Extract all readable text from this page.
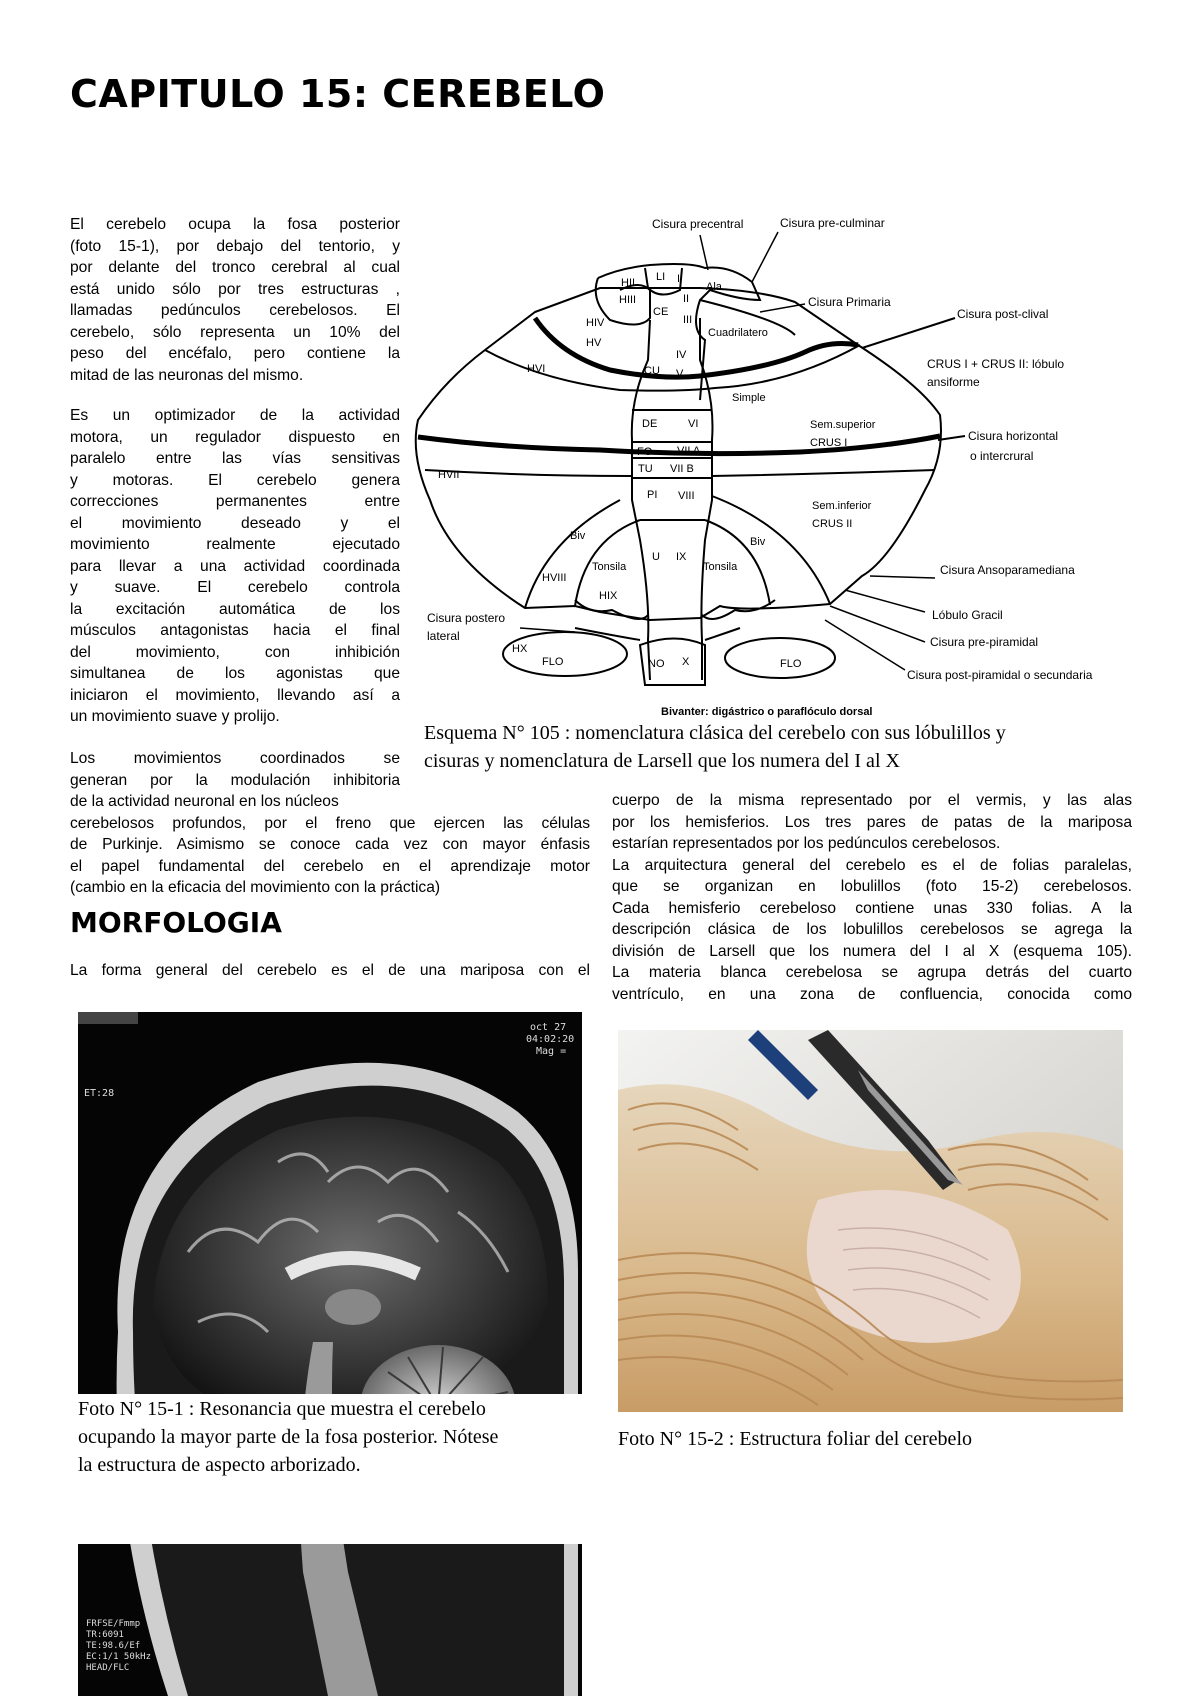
CAPITULO 15: CEREBELO
El cerebelo ocupa la fosa posterior
(foto 15-1), por debajo del tentorio, y
por delante del tronco cerebral al cual
está unido sólo por tres estructuras ,
llamadas pedúnculos cerebelosos. El
cerebelo, sólo representa un 10% del
peso del encéfalo, pero contiene la
mitad de las neuronas del mismo.
Es un optimizador de la actividad
motora, un regulador dispuesto en
paralelo entre las vías sensitivas
y motoras. El cerebelo genera
correcciones permanentes entre
el movimiento deseado y el
movimiento realmente ejecutado
para llevar a una actividad coordinada
y suave. El cerebelo controla
la excitación automática de los
músculos antagonistas hacia el final
del movimiento, con inhibición
simultanea de los agonistas que
iniciaron el movimiento, llevando así a
un movimiento suave y prolijo.
Los movimientos coordinados se
generan por la modulación inhibitoria
de la actividad neuronal en los núcleos
cerebelosos profundos, por el freno que ejercen las células
de Purkinje. Asimismo se conoce cada vez con mayor énfasis
el papel fundamental del cerebelo en el aprendizaje motor
(cambio en la eficacia del movimiento con la práctica)
MORFOLOGIA
La forma general del cerebelo es el de una mariposa con el
cuerpo de la misma representado por el vermis, y las alas
por los hemisferios. Los tres pares de patas de la mariposa
estarían representados por los pedúnculos cerebelosos.
La arquitectura general del cerebelo es el de folias paralelas,
que se organizan en lobulillos (foto 15-2) cerebelosos.
Cada hemisferio cerebeloso contiene unas 330 folias. A la
descripción clásica de los lobulillos cerebelosos se agrega la
división de Larsell que los numera del I al X (esquema 105).
La materia blanca cerebelosa se agrupa detrás del cuarto
ventrículo, en una zona de confluencia, conocida como
Cisura precentral	Cisura pre-culminar
Cisura Primaria
Cisura post-clival
CRUS I + CRUS II: lóbulo
ansiforme
Cisura horizontal
o intercrural
Cisura Ansoparamediana
Lóbulo Gracil
Cisura pre-piramidal
Cisura post-piramidal o secundaria
Cisura postero
lateral
HII
HIII
LI I
Ala
CE
II
III
HIV
HV
Cuadrilatero
IV
CU V
HVI
Simple
DE	VI	Sem.superior
CRUS I
FO VII A
TU VII B
HVII
PI VIII
Sem.inferior
CRUS II
Biv	Biv
U IX
Tonsila	Tonsila
HVIII
HIX
HX
FLO	NO X	FLO
Bivanter: digástrico o paraflóculo dorsal
Esquema N° 105 : nomenclatura clásica del cerebelo con sus lóbulillos y
cisuras y nomenclatura de Larsell que los numera del I al X
oct 27
04:02:20
Mag =
ET:28
FRFSE/Fmmp
TR:6091
TE:98.6/Ef
EC:1/1 50kHz
HEAD/FLC
Foto N° 15-1 : Resonancia que muestra el cerebelo
ocupando la mayor parte de la fosa posterior. Nótese
la estructura de aspecto arborizado.
Foto N° 15-2 : Estructura foliar del cerebelo
